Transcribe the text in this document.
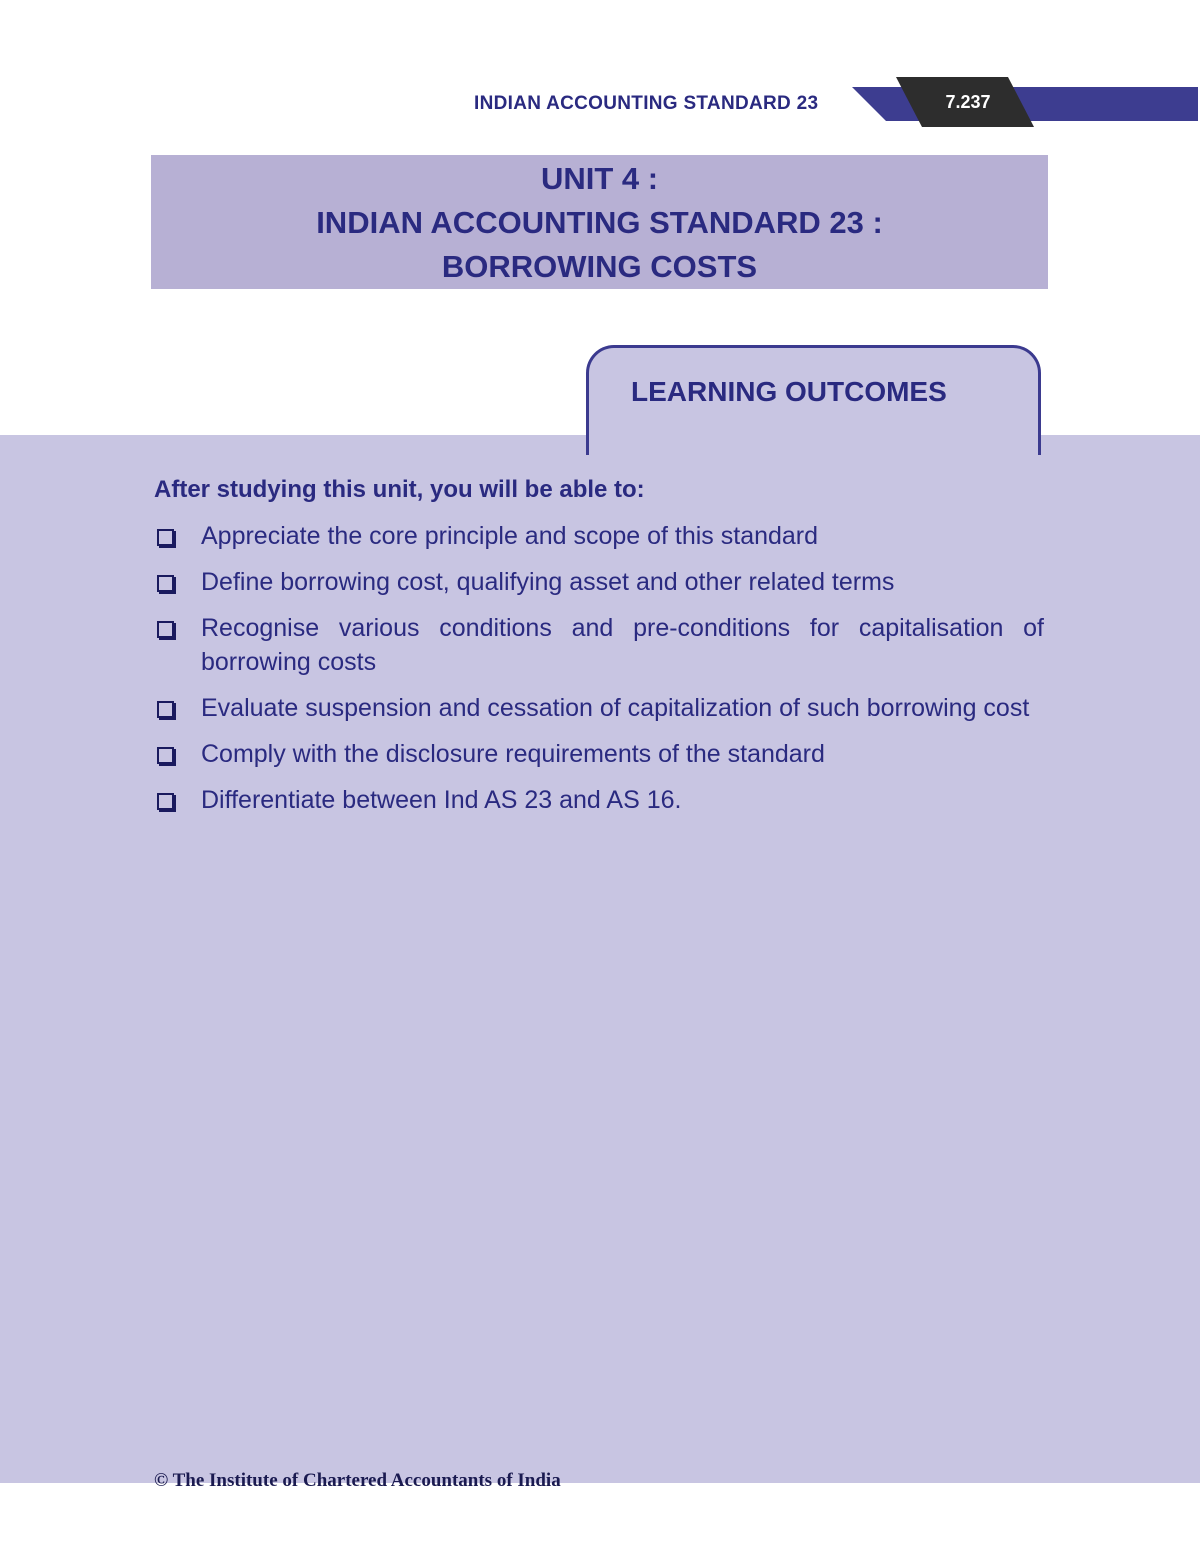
INDIAN ACCOUNTING STANDARD 23	7.237
UNIT 4 :
INDIAN ACCOUNTING STANDARD 23 :
BORROWING COSTS
After studying this unit, you will be able to:
Appreciate the core principle and scope of this standard
Define borrowing cost, qualifying asset and other related terms
Recognise various conditions and pre-conditions for capitalisation of borrowing costs
Evaluate suspension and cessation of capitalization of such borrowing cost
Comply with the disclosure requirements of the standard
Differentiate between Ind AS 23 and AS 16.
LEARNING OUTCOMES
© The Institute of Chartered Accountants of India
